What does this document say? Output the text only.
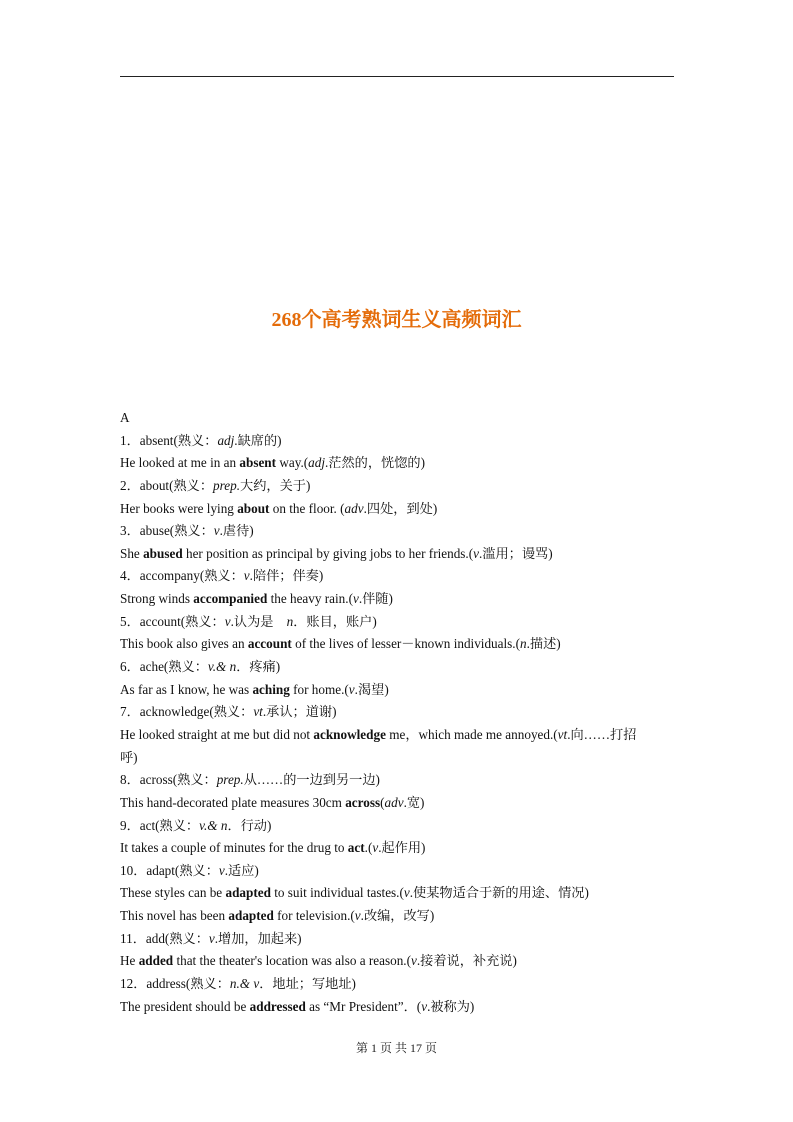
268个高考熟词生义高频词汇
A
1．absent(熟义：adj.缺席的)
He looked at me in an absent way.(adj.茫然的，恍惚的)
2．about(熟义：prep.大约，关于)
Her books were lying about on the floor. (adv.四处，到处)
3．abuse(熟义：v.虐待)
She abused her position as principal by giving jobs to her friends.(v.滥用；谩骂)
4．accompany(熟义：v.陪伴；伴奏)
Strong winds accompanied the heavy rain.(v.伴随)
5．account(熟义：v.认为是　n．账目，账户)
This book also gives an account of the lives of lesser－known individuals.(n.描述)
6．ache(熟义：v.& n．疼痛)
As far as I know, he was aching for home.(v.渴望)
7．acknowledge(熟义：vt.承认；道谢)
He looked straight at me but did not acknowledge me，which made me annoyed.(vt.向……打招
呼)
8．across(熟义：prep.从……的一边到另一边)
This hand-decorated plate measures 30cm across(adv.宽)
9．act(熟义：v.& n．行动)
It takes a couple of minutes for the drug to act.(v.起作用)
10．adapt(熟义：v.适应)
These styles can be adapted to suit individual tastes.(v.使某物适合于新的用途、情况)
This novel has been adapted for television.(v.改编，改写)
11．add(熟义：v.增加，加起来)
He added that the theater's location was also a reason.(v.接着说，补充说)
12．address(熟义：n.& v．地址；写地址)
The president should be addressed as “Mr President”．(v.被称为)
第 1 页 共 17 页
